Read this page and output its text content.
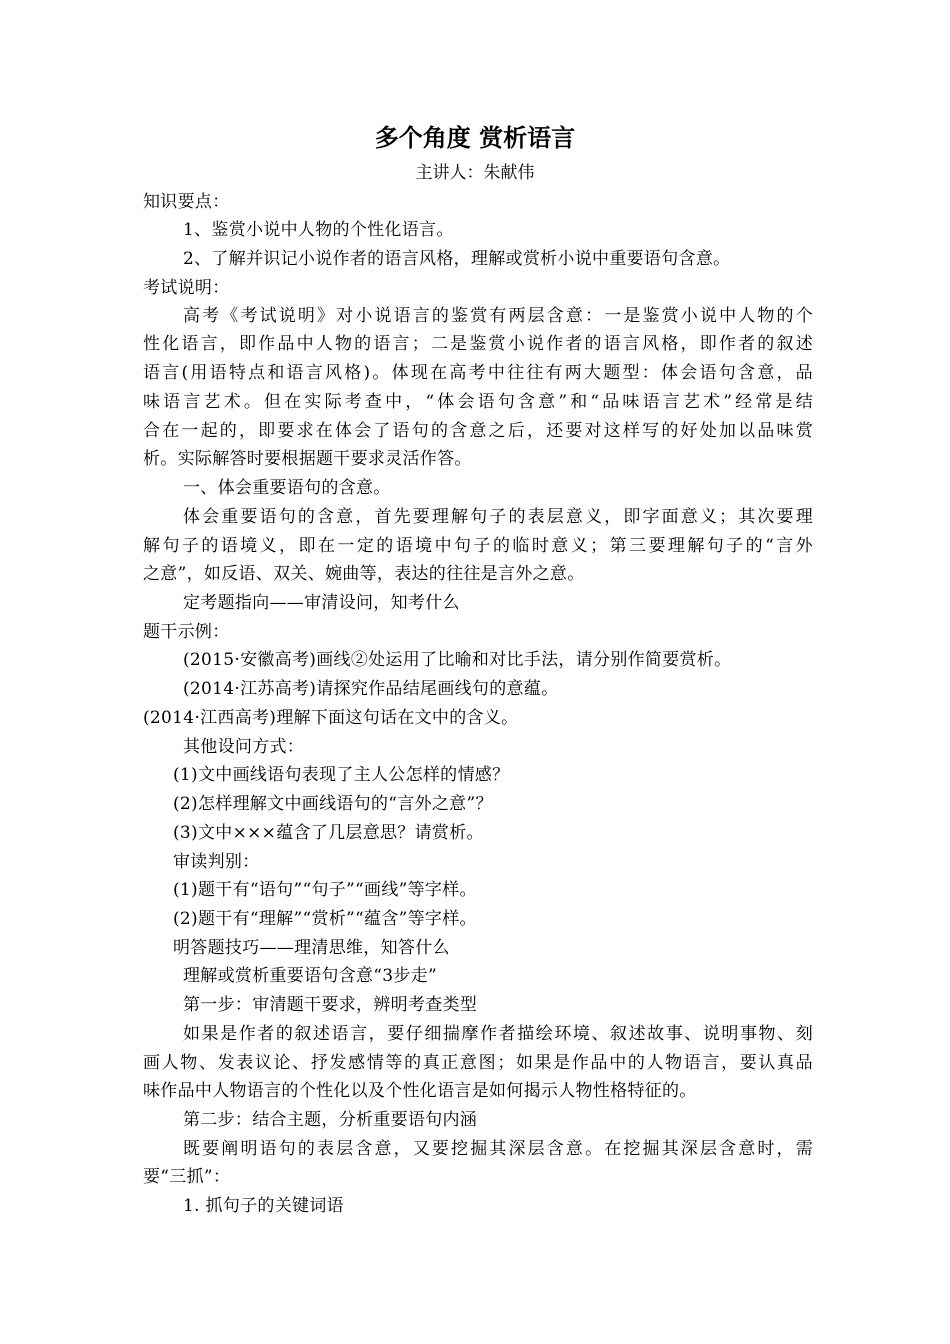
多个角度 赏析语言
主讲人：朱献伟
知识要点：
1、鉴赏小说中人物的个性化语言。
2、了解并识记小说作者的语言风格，理解或赏析小说中重要语句含意。
考试说明：
高考《考试说明》对小说语言的鉴赏有两层含意：一是鉴赏小说中人物的个
性化语言，即作品中人物的语言；二是鉴赏小说作者的语言风格，即作者的叙述
语言(用语特点和语言风格)。体现在高考中往往有两大题型：体会语句含意，品
味语言艺术。但在实际考查中，“体会语句含意”和“品味语言艺术”经常是结
合在一起的，即要求在体会了语句的含意之后，还要对这样写的好处加以品味赏
析。实际解答时要根据题干要求灵活作答。
一、体会重要语句的含意。
体会重要语句的含意，首先要理解句子的表层意义，即字面意义；其次要理
解句子的语境义，即在一定的语境中句子的临时意义；第三要理解句子的“言外
之意”，如反语、双关、婉曲等，表达的往往是言外之意。
定考题指向——审清设问，知考什么
题干示例：
(2015·安徽高考)画线②处运用了比喻和对比手法，请分别作简要赏析。
(2014·江苏高考)请探究作品结尾画线句的意蕴。
(2014·江西高考)理解下面这句话在文中的含义。
其他设问方式：
(1)文中画线语句表现了主人公怎样的情感？
(2)怎样理解文中画线语句的“言外之意”？
(3)文中×××蕴含了几层意思？请赏析。
审读判别：
(1)题干有“语句”“句子”“画线”等字样。
(2)题干有“理解”“赏析”“蕴含”等字样。
明答题技巧——理清思维，知答什么
理解或赏析重要语句含意“3步走”
第一步：审清题干要求，辨明考查类型
如果是作者的叙述语言，要仔细揣摩作者描绘环境、叙述故事、说明事物、刻
画人物、发表议论、抒发感情等的真正意图；如果是作品中的人物语言，要认真品
味作品中人物语言的个性化以及个性化语言是如何揭示人物性格特征的。
第二步：结合主题，分析重要语句内涵
既要阐明语句的表层含意，又要挖掘其深层含意。在挖掘其深层含意时，需
要“三抓”：
1. 抓句子的关键词语
